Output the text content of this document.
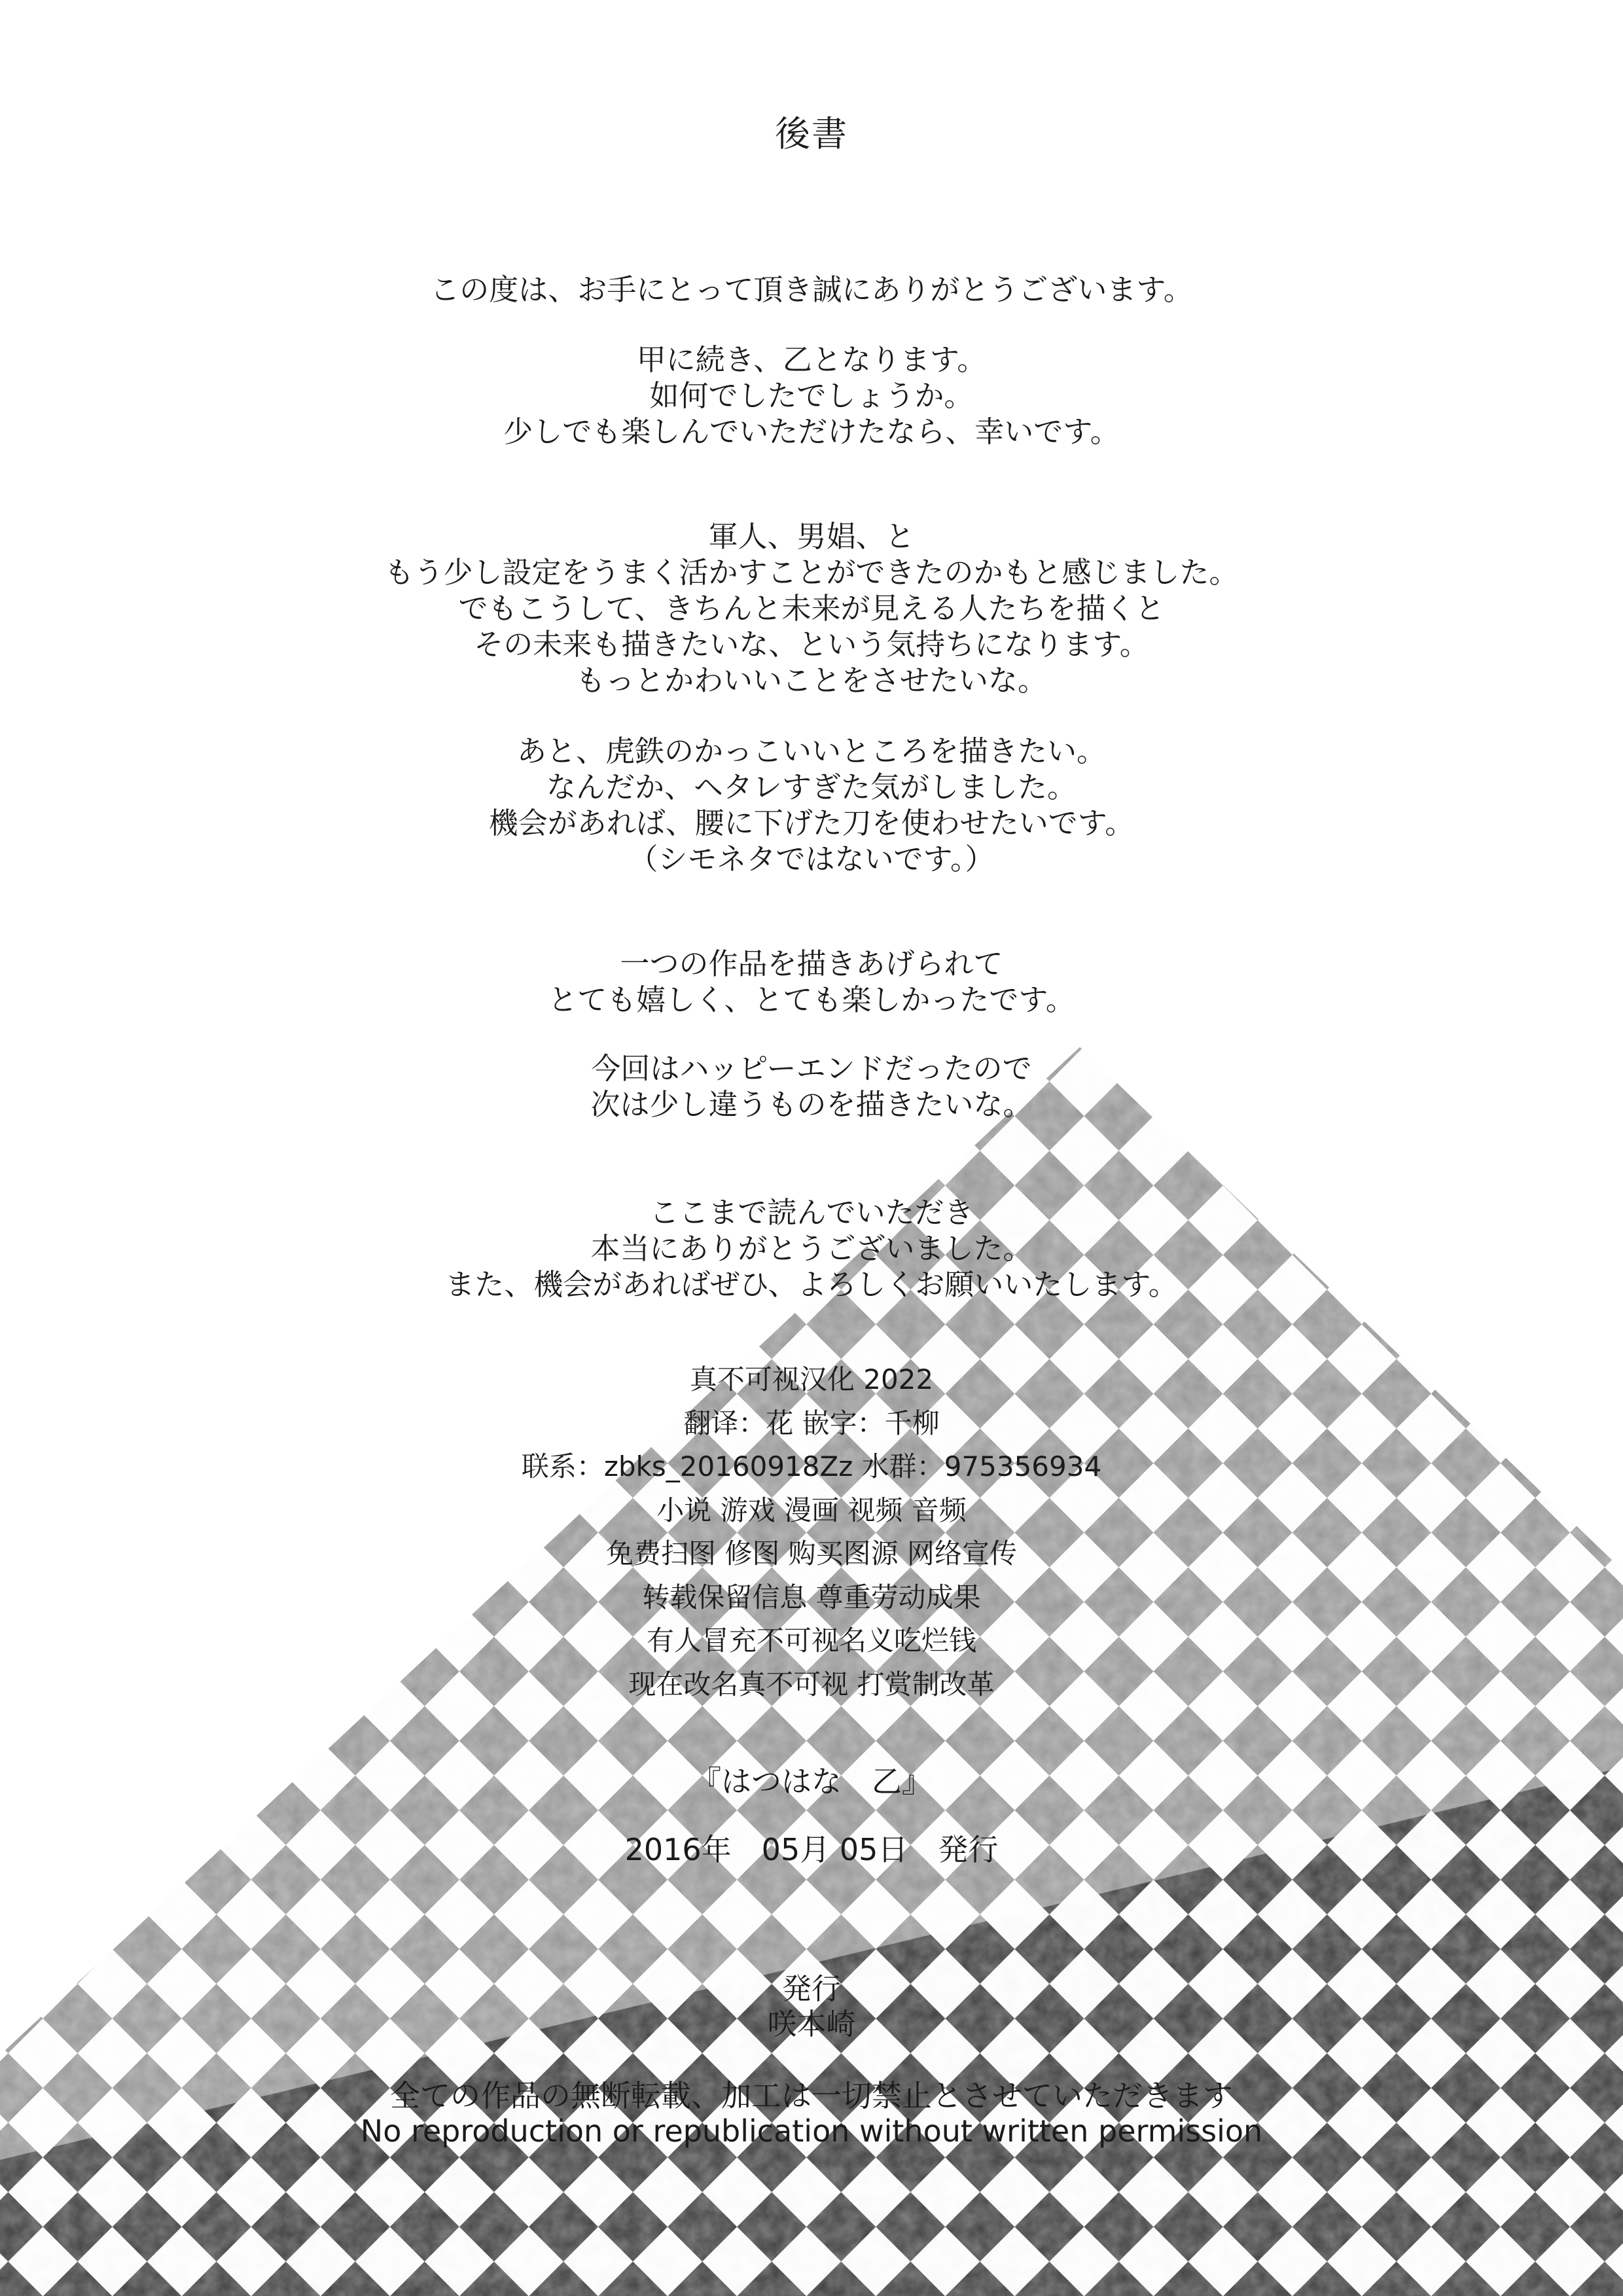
後書
この度は、お手にとって頂き誠にありがとうございます。
甲に続き、乙となります。
如何でしたでしょうか。
少しでも楽しんでいただけたなら、幸いです。
軍人、男娼、と
もう少し設定をうまく活かすことができたのかもと感じました。
でもこうして、きちんと未来が見える人たちを描くと
その未来も描きたいな、という気持ちになります。
もっとかわいいことをさせたいな。
あと、虎鉄のかっこいいところを描きたい。
なんだか、ヘタレすぎた気がしました。
機会があれば、腰に下げた刀を使わせたいです。
（シモネタではないです。）
一つの作品を描きあげられて
とても嬉しく、とても楽しかったです。
今回はハッピーエンドだったので
次は少し違うものを描きたいな。
ここまで読んでいただき
本当にありがとうございました。
また、機会があればぜひ、よろしくお願いいたします。
真不可视汉化 2022
翻译：花 嵌字：千柳
联系：zbks_20160918Zz 水群：975356934
小说 游戏 漫画 视频 音频
免费扫图 修图 购买图源 网络宣传
转载保留信息 尊重劳动成果
有人冒充不可视名义吃烂钱
现在改名真不可视 打赏制改革
『はつはな　乙』
2016年　05月 05日　発行
発行
咲本崎
全ての作品の無断転載、加工は一切禁止とさせていただきます
No reproduction or republication without written permission
